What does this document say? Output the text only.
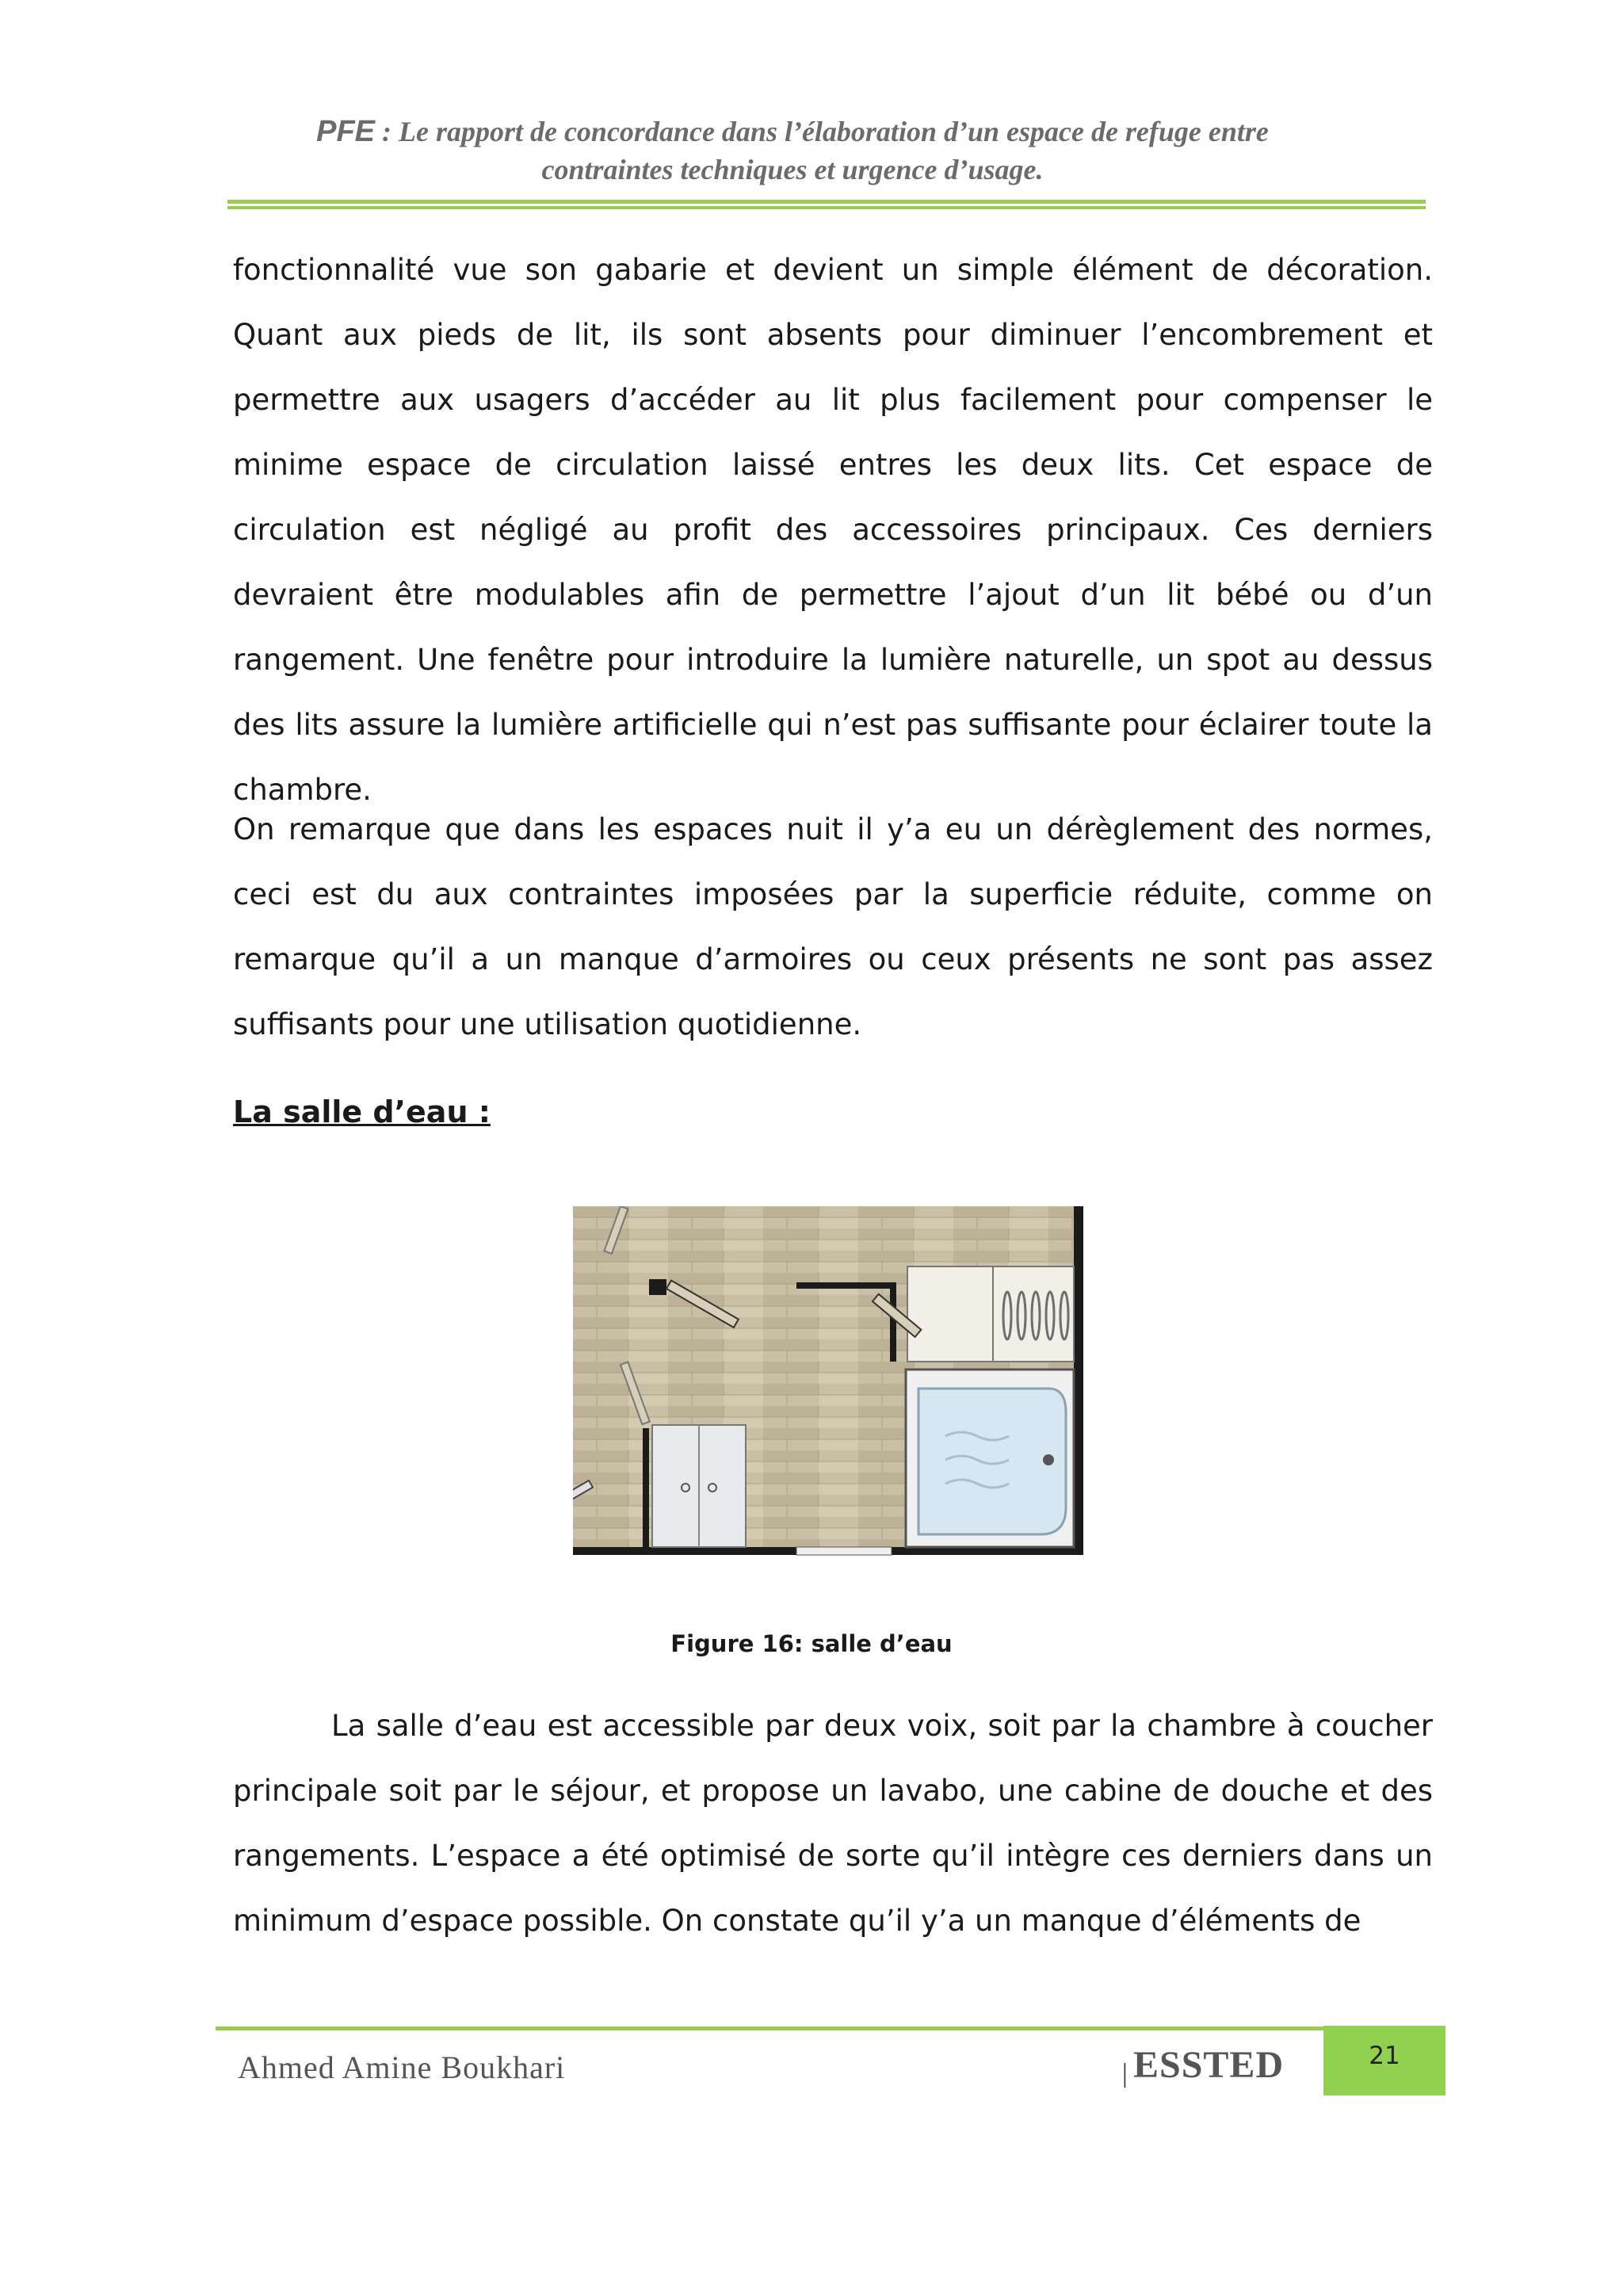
PFE : Le rapport de concordance dans l’élaboration d’un espace de refuge entre
contraintes techniques et urgence d’usage.
fonctionnalité vue son gabarie et devient un simple élément de décoration. Quant aux pieds de lit, ils sont absents pour diminuer l’encombrement et permettre aux usagers d’accéder au lit plus facilement pour compenser le minime espace de circulation laissé entres les deux lits. Cet espace de circulation est négligé au profit des accessoires principaux. Ces derniers devraient être modulables afin de permettre l’ajout d’un lit bébé ou d’un rangement. Une fenêtre pour introduire la lumière naturelle, un spot au dessus des lits assure la lumière artificielle qui n’est pas suffisante pour éclairer toute la chambre.
On remarque que dans les espaces nuit il y’a eu un dérèglement des normes, ceci est du aux contraintes imposées par la superficie réduite, comme on remarque qu’il a un manque d’armoires ou ceux présents ne sont pas assez suffisants pour une utilisation quotidienne.
La salle d’eau :
Figure 16: salle d’eau
La salle d’eau est accessible par deux voix, soit par la chambre à coucher principale soit par le séjour, et propose un lavabo, une cabine de douche et des rangements. L’espace a été optimisé de sorte qu’il intègre ces derniers dans un minimum d’espace possible. On constate qu’il y’a un manque d’éléments de
Ahmed Amine Boukhari	| ESSTED	21
